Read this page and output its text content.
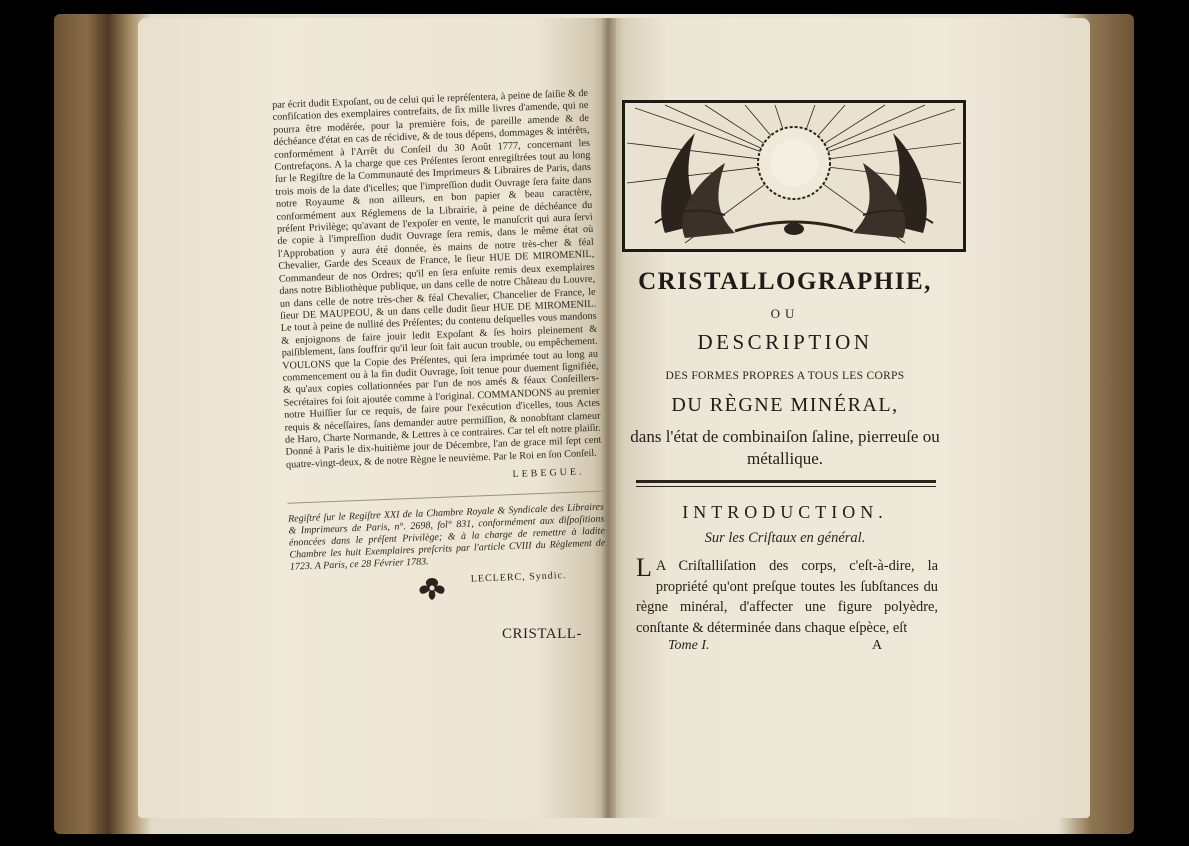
par écrit dudit Expoſant, ou de celui qui le repréſentera, à peine de ſaiſie & de confiſcation des exemplaires contrefaits, de ſix mille livres d'amende, qui ne pourra être modérée, pour la première fois, de pareille amende & de déchéance d'état en cas de récidive, & de tous dépens, dommages & intérêts, conformément à l'Arrêt du Conſeil du 30 Août 1777, concernant les Contrefaçons. A la charge que ces Préſentes ſeront enregiſtrées tout au long ſur le Regiſtre de la Communauté des Imprimeurs & Libraires de Paris, dans trois mois de la date d'icelles; que l'impreſſion dudit Ouvrage ſera faite dans notre Royaume & non ailleurs, en bon papier & beau caractère, conformément aux Réglemens de la Librairie, à peine de déchéance du préſent Privilège; qu'avant de l'expoſer en vente, le manuſcrit qui aura ſervi de copie à l'impreſſion dudit Ouvrage ſera remis, dans le même état où l'Approbation y aura été donnée, ès mains de notre très-cher & féal Chevalier, Garde des Sceaux de France, le ſieur HUE DE MIROMENIL, Commandeur de nos Ordres; qu'il en ſera enſuite remis deux exemplaires dans notre Bibliothèque publique, un dans celle de notre Château du Louvre, un dans celle de notre très-cher & féal Chevalier, Chancelier de France, le ſieur DE MAUPEOU, & un dans celle dudit ſieur HUE DE MIROMENIL. Le tout à peine de nullité des Préſentes; du contenu deſquelles vous mandons & enjoignons de faire jouir ledit Expoſant & ſes hoirs pleinement & paiſiblement, ſans ſouffrir qu'il leur ſoit fait aucun trouble, ou empêchement. VOULONS que la Copie des Préſentes, qui ſera imprimée tout au long au commencement ou à la fin dudit Ouvrage, ſoit tenue pour duement ſignifiée, & qu'aux copies collationnées par l'un de nos amés & féaux Conſeillers-Secrétaires foi ſoit ajoutée comme à l'original. COMMANDONS au premier notre Huiſſier ſur ce requis, de faire pour l'exécution d'icelles, tous Actes requis & néceſſaires, ſans demander autre permiſſion, & nonobſtant clameur de Haro, Charte Normande, & Lettres à ce contraires. Car tel eſt notre plaiſir. Donné à Paris le dix-huitième jour de Décembre, l'an de grace mil ſept cent quatre-vingt-deux, & de notre Règne le neuvième. Par le Roi en ſon Conſeil.

LEBEGUE.
Regiſtré ſur le Regiſtre XXI de la Chambre Royale & Syndicale des Libraires & Imprimeurs de Paris, n°. 2698, fol° 831, conformément aux diſpoſitions énoncées dans le préſent Privilège; & à la charge de remettre à ladite Chambre les huit Exemplaires preſcrits par l'article CVIII du Règlement de 1723. A Paris, ce 28 Février 1783.
LECLERC, Syndic.
CRISTALL-
CRISTALLOGRAPHIE,
OU
DESCRIPTION
DES FORMES PROPRES A TOUS LES CORPS
DU RÈGNE MINÉRAL,
dans l'état de combinaiſon ſaline, pierreuſe ou métallique.
INTRODUCTION.
Sur les Criſtaux en général.
L A Criſtalliſation des corps, c'eſt-à-dire, la propriété qu'ont preſque toutes les ſubſtances du règne minéral, d'affecter une figure polyèdre, conſtante & déterminée dans chaque eſpèce, eſt
Tome I.	A
